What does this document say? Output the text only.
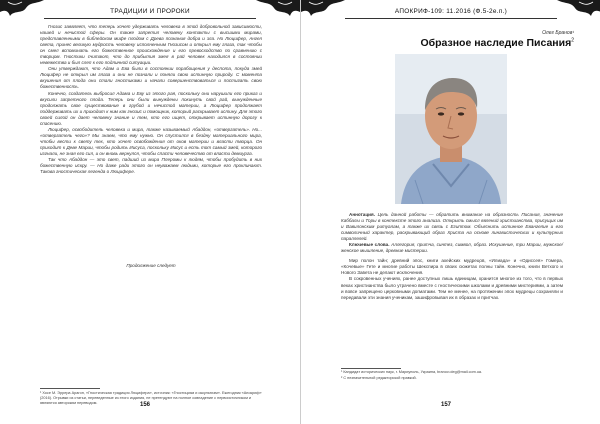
ТРАДИЦИИ И ПРОРОКИ

Гнозис заявляет, что теперь хочет удерживать человека в этой добровольной зависимости, нашей и нечистой сферы. Он также запретил человеку контакты с высшими мирами, представленными в библейском мифе плодом с Древа познания добра и зла. Но Люцифер, Ангел света, принес великую мудрость человеку исполненным Гнозисом и открыл ему глаза, так чтобы он смел вспоминать его божественное происхождение и его превосходство по сравнению с творцом. Гностики считают, что до прибытия змея в рай человек находился в состоянии невежества и был слеп к его подлинной ситуации.

Они утверждают, что Адам и Ева были в состоянии порабощения у деспота, покуда змей Люцифер не открыл им глаза и они не познали и поняли свою истинную природу. С момента вкушения от плода они стали гностиками и начали совершенствоваться и постигать свою божественность.

Конечно, создатель выбросил Адама и Еву из этого рая, поскольку они нарушили его приказ и вкусили запретного плода. Теперь они были вынуждены покинуть свой рай, вынужденные продолжать свое существование в грубой и нечистой материи, а Люцифер продолжает поддерживать их и приходит к ним как гнозис и помощник, который раскрывает истину. Для этого своей силой он дает человеку знание и тем, кто его ищет, открывает истинную дорогу к спасению.

Люцифер, освободитель человека и мира, также называемый Абаддон, «отвергатель». Но... «отвергатель чего»? Мы знаем, что ему нужно. Он спустился в бездну материального мира, чтобы вести к свету тех, кто хочет освобождения от оков материи и власти творца. Он приходит к Деве Марии, чтобы родить Иисуса, поскольку Иисус и есть тот самый змей, которого изгнали, не зная его сил, и он вновь вернулся, чтобы спасти человечество от власти демиурга.

Так что Абаддон — это свет, падший из мира Плеромы к людям, чтобы пробудить в них божественную искру. — Но даже ради этого он неуважаем людьми, которые его проклинают. Такова гностическая легенда о Люцифере.

Продолжение следует
¹ Хосе М. Эррера Арагон, «Гностическая традиция Люцифера», источник: «Гностицизм и оккультизм». Ежегодник «Апокриф» (2016). Отрывки из статьи, переведенные из этого издания, не претендуют на полное совпадение с первоисточником и являются авторским переводом.	156
АПОКРИФ-109: 11.2016 (Ф.5-2е.п.)
Олег Бранов¹
Образное наследие Писания$^2$

Аннотация. Цель данной работы — обратить внимание на образность Писания, значение Каббалы и Торы в контексте этого анализа. Открыть смысл явлений христианства, присущих им и Вавилонским ритуалам, а также их связь с Египтом. Объяснить истинное Евангелие и его символичный характер, раскрывающий образ Христа на основе лингвистических и культурных параллелей.

Ключевые слова. Аллегория, притча, синтез, символ, образ. Искушение, три Марии, мужское/женское мышление, древние мистерии.

Мир полон тайн; древний эпос, книги ахейских мудрецов, «Илиада» и «Одиссея» Гомера, «Кочевые» Гете и многие работы Шекспира в своих сюжетах полны тайн. Конечно, книги Ветхого и Нового Завета не делают исключения.

В сокровенных учениях, ранее доступных лишь единицам, хранится многое из того, что в первых веках христианства было утрачено вместе с гностическими школами и древними мистериями, а затем и вовсе запрещено церковными догматами. Тем не менее, на протяжении эпох мудрецы сохраняли и передавали эти знания ученикам, зашифровывая их в образах и притчах.

¹ Кандидат исторических наук, г. Мариуполь, Украина, branov.oleg@mail.com.ua.
² С незначительной редакторской правкой.
157
